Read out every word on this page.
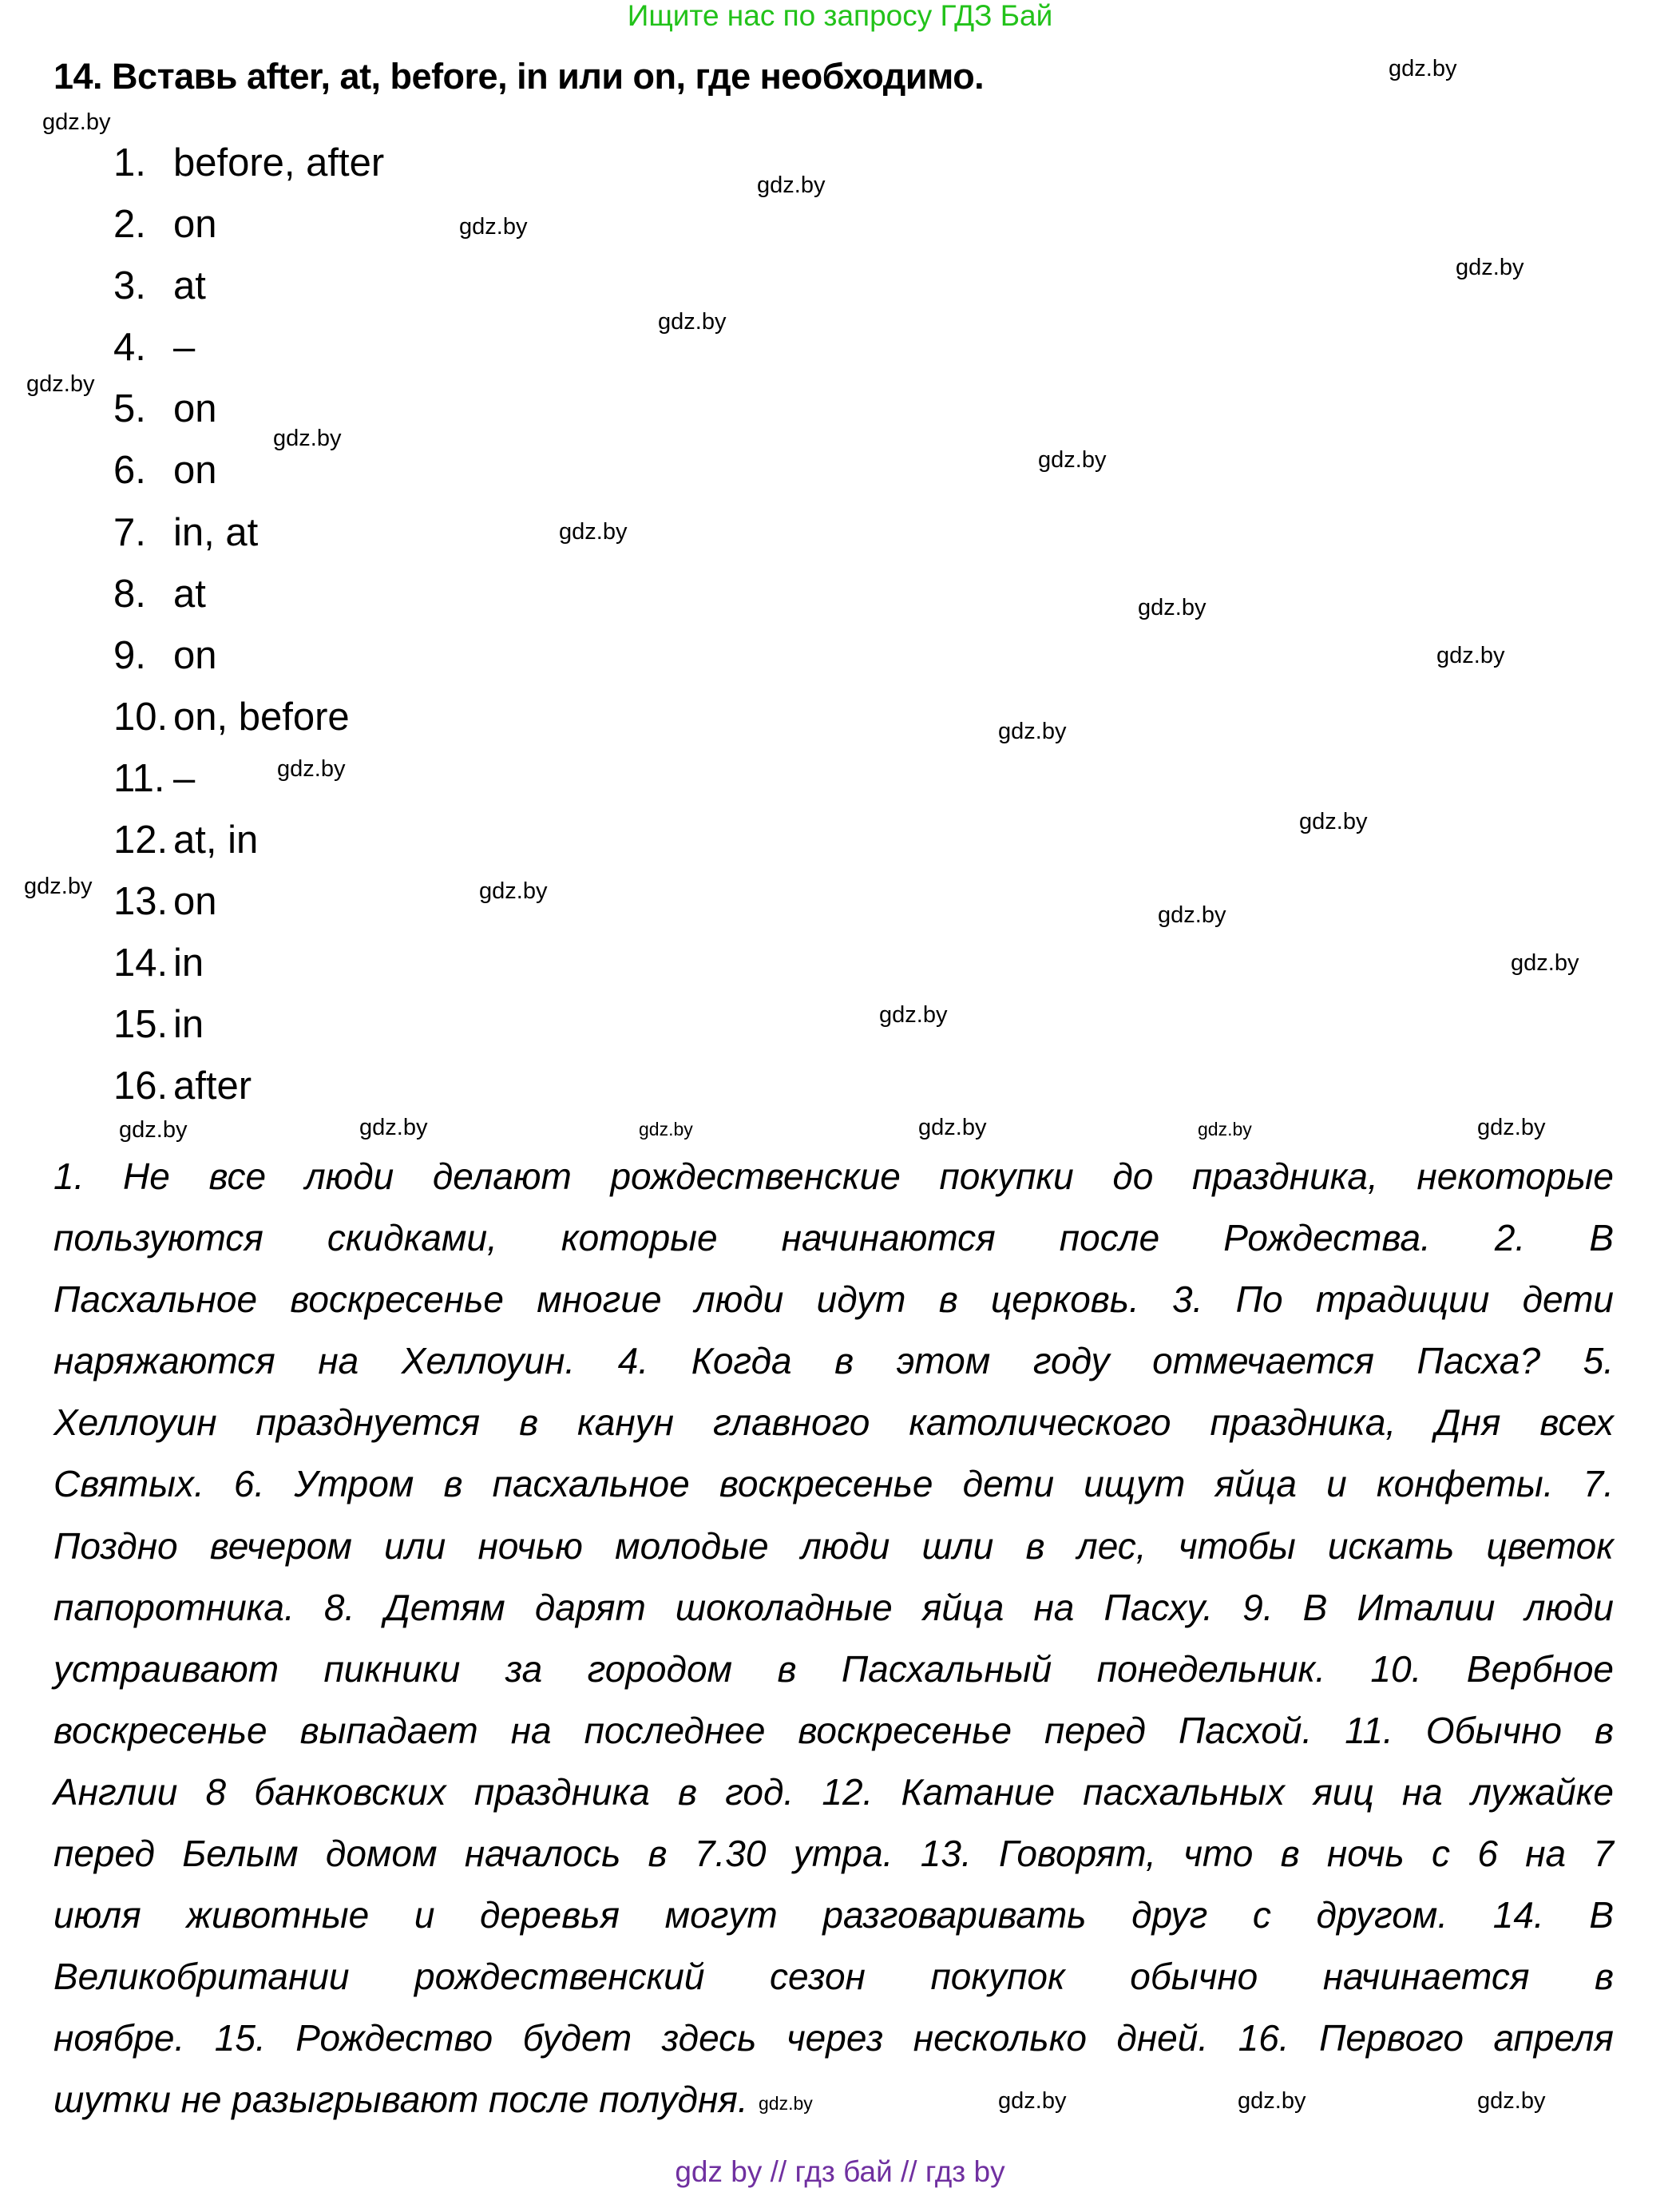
Ищите нас по запросу ГДЗ Бай
14. Вставь after, at, before, in или on, где необходимо.
1. before, after
2. on
3. at
4. –
5. on
6. on
7. in, at
8. at
9. on
10. on, before
11. –
12. at, in
13. on
14. in
15. in
16. after
1. Не все люди делают рождественские покупки до праздника, некоторые
пользуются скидками, которые начинаются после Рождества. 2. В
Пасхальное воскресенье многие люди идут в церковь. 3. По традиции дети
наряжаются на Хеллоуин. 4. Когда в этом году отмечается Пасха? 5.
Хеллоуин празднуется в канун главного католического праздника, Дня всех
Святых. 6. Утром в пасхальное воскресенье дети ищут яйца и конфеты. 7.
Поздно вечером или ночью молодые люди шли в лес, чтобы искать цветок
папоротника. 8. Детям дарят шоколадные яйца на Пасху. 9. В Италии люди
устраивают пикники за городом в Пасхальный понедельник. 10. Вербное
воскресенье выпадает на последнее воскресенье перед Пасхой. 11. Обычно в
Англии 8 банковских праздника в год. 12. Катание пасхальных яиц на лужайке
перед Белым домом началось в 7.30 утра. 13. Говорят, что в ночь с 6 на 7
июля животные и деревья могут разговаривать друг с другом. 14. В
Великобритании рождественский сезон покупок обычно начинается в
ноябре. 15. Рождество будет здесь через несколько дней. 16. Первого апреля
шутки не разыгрывают после полудня.
gdz.by
gdz.by
gdz.by
gdz.by
gdz.by
gdz.by
gdz.by
gdz.by
gdz.by
gdz.by
gdz.by
gdz.by
gdz.by
gdz.by
gdz.by
gdz.by
gdz.by
gdz.by
gdz.by
gdz.by
gdz.by
gdz.by	gdz.by	gdz.by	gdz.by	gdz.by
gdz.by	gdz.by	gdz.by	gdz.by
gdz by // гдз бай // гдз by
